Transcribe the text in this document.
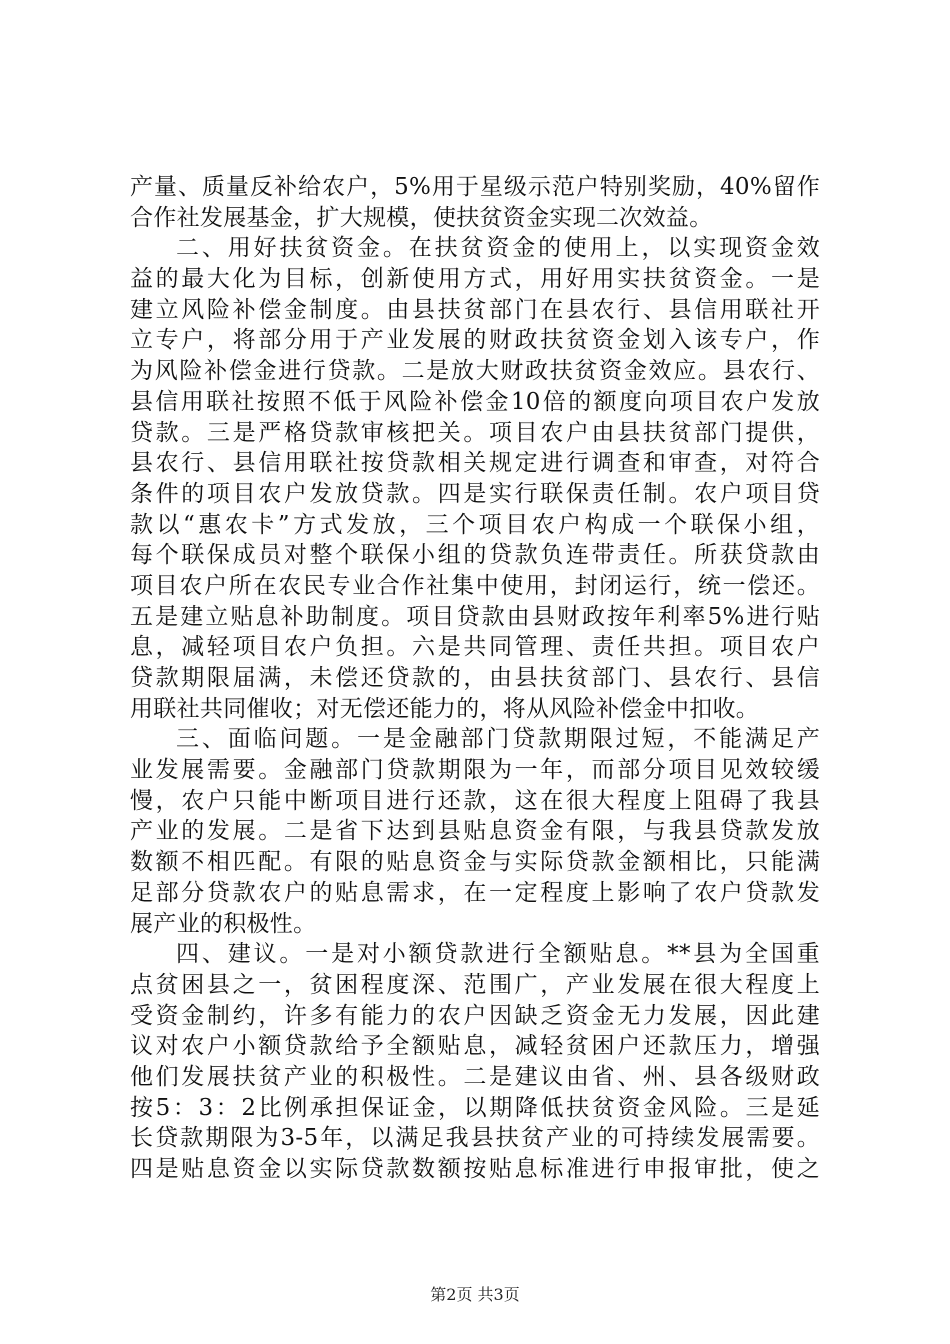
产量、质量反补给农户，5%用于星级示范户特别奖励，40%留作
合作社发展基金，扩大规模，使扶贫资金实现二次效益。
二、用好扶贫资金。在扶贫资金的使用上，以实现资金效
益的最大化为目标，创新使用方式，用好用实扶贫资金。一是
建立风险补偿金制度。由县扶贫部门在县农行、县信用联社开
立专户，将部分用于产业发展的财政扶贫资金划入该专户，作
为风险补偿金进行贷款。二是放大财政扶贫资金效应。县农行、
县信用联社按照不低于风险补偿金10倍的额度向项目农户发放
贷款。三是严格贷款审核把关。项目农户由县扶贫部门提供，
县农行、县信用联社按贷款相关规定进行调查和审查，对符合
条件的项目农户发放贷款。四是实行联保责任制。农户项目贷
款以“惠农卡”方式发放，三个项目农户构成一个联保小组，
每个联保成员对整个联保小组的贷款负连带责任。所获贷款由
项目农户所在农民专业合作社集中使用，封闭运行，统一偿还。
五是建立贴息补助制度。项目贷款由县财政按年利率5%进行贴
息，减轻项目农户负担。六是共同管理、责任共担。项目农户
贷款期限届满，未偿还贷款的，由县扶贫部门、县农行、县信
用联社共同催收；对无偿还能力的，将从风险补偿金中扣收。
三、面临问题。一是金融部门贷款期限过短，不能满足产
业发展需要。金融部门贷款期限为一年，而部分项目见效较缓
慢，农户只能中断项目进行还款，这在很大程度上阻碍了我县
产业的发展。二是省下达到县贴息资金有限，与我县贷款发放
数额不相匹配。有限的贴息资金与实际贷款金额相比，只能满
足部分贷款农户的贴息需求，在一定程度上影响了农户贷款发
展产业的积极性。
四、建议。一是对小额贷款进行全额贴息。**县为全国重
点贫困县之一，贫困程度深、范围广，产业发展在很大程度上
受资金制约，许多有能力的农户因缺乏资金无力发展，因此建
议对农户小额贷款给予全额贴息，减轻贫困户还款压力，增强
他们发展扶贫产业的积极性。二是建议由省、州、县各级财政
按5：3：2比例承担保证金，以期降低扶贫资金风险。三是延
长贷款期限为3-5年，以满足我县扶贫产业的可持续发展需要。
四是贴息资金以实际贷款数额按贴息标准进行申报审批，使之
第2页 共3页
